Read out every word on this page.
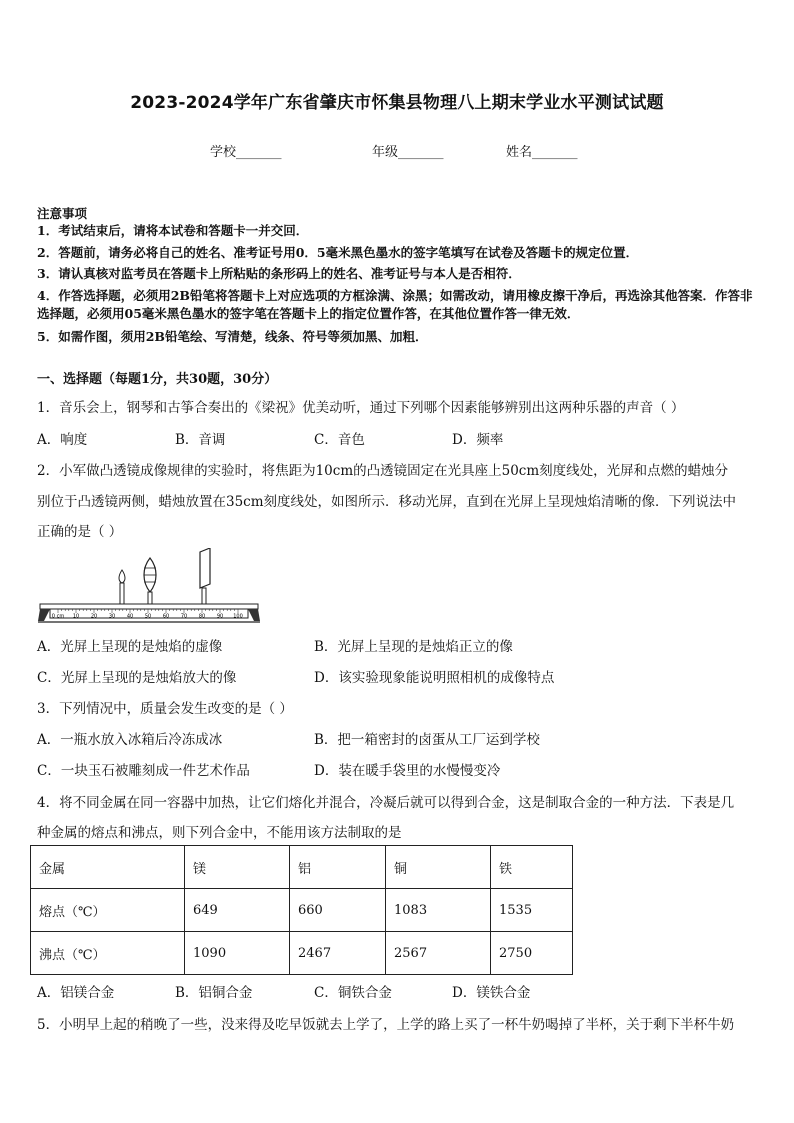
2023-2024学年广东省肇庆市怀集县物理八上期末学业水平测试试题
学校_______	年级_______	姓名_______
注意事项
1．考试结束后，请将本试卷和答题卡一并交回．
2．答题前，请务必将自己的姓名、准考证号用0．5毫米黑色墨水的签字笔填写在试卷及答题卡的规定位置．
3．请认真核对监考员在答题卡上所粘贴的条形码上的姓名、准考证号与本人是否相符．
4．作答选择题，必须用2B铅笔将答题卡上对应选项的方框涂满、涂黑；如需改动，请用橡皮擦干净后，再选涂其他答案．作答非选择题，必须用05毫米黑色墨水的签字笔在答题卡上的指定位置作答，在其他位置作答一律无效．
5．如需作图，须用2B铅笔绘、写清楚，线条、符号等须加黑、加粗．
一、选择题（每题1分，共30题，30分）
1．音乐会上，钢琴和古筝合奏出的《梁祝》优美动听，通过下列哪个因素能够辨别出这两种乐器的声音（ ）
A．响度	B．音调	C．音色	D．频率
2．小军做凸透镜成像规律的实验时，将焦距为10cm的凸透镜固定在光具座上50cm刻度线处，光屏和点燃的蜡烛分
别位于凸透镜两侧，蜡烛放置在35cm刻度线处，如图所示．移动光屏，直到在光屏上呈现烛焰清晰的像．下列说法中
正确的是（ ）
0 cm 10 20 30 40 50 60 70 80 90 100
A．光屏上呈现的是烛焰的虚像	B．光屏上呈现的是烛焰正立的像
C．光屏上呈现的是烛焰放大的像	D．该实验现象能说明照相机的成像特点
3．下列情况中，质量会发生改变的是（ ）
A．一瓶水放入冰箱后冷冻成冰	B．把一箱密封的卤蛋从工厂运到学校
C．一块玉石被雕刻成一件艺术作品	D．装在暖手袋里的水慢慢变冷
4．将不同金属在同一容器中加热，让它们熔化并混合，冷凝后就可以得到合金，这是制取合金的一种方法．下表是几
种金属的熔点和沸点，则下列合金中，不能用该方法制取的是
金属	镁	铝	铜	铁
熔点（℃）	649	660	1083	1535
沸点（℃）	1090	2467	2567	2750
A．铝镁合金	B．铝铜合金	C．铜铁合金	D．镁铁合金
5．小明早上起的稍晚了一些，没来得及吃早饭就去上学了，上学的路上买了一杯牛奶喝掉了半杯，关于剩下半杯牛奶
